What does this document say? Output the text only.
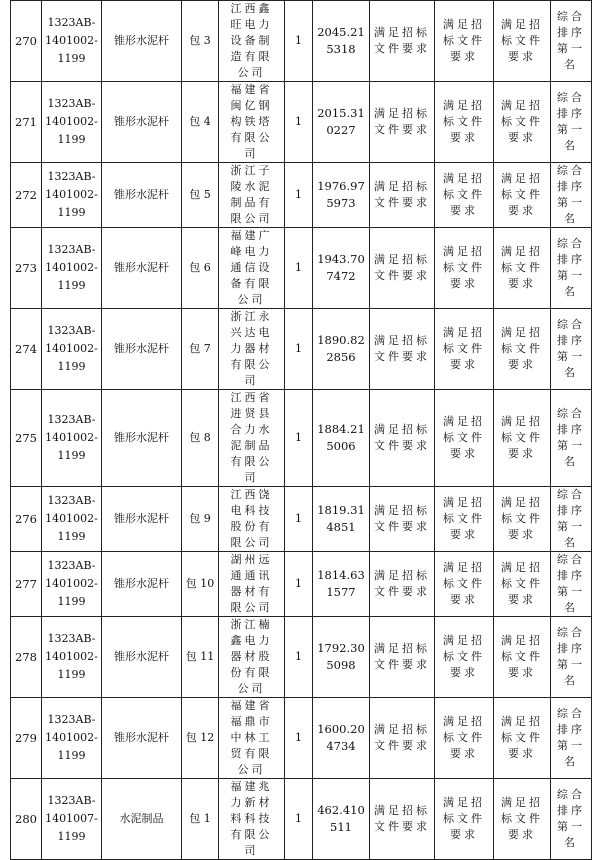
270	1323AB-1401002-1199	锥形水泥杆	包 3	江西鑫旺电力设备制造有限公司	1	2045.215318	满足招标文件要求	满足招标文件要求	满足招标文件要求	综合排序第一名

271	1323AB-1401002-1199	锥形水泥杆	包 4	福建省闽亿钢构铁塔有限公司	1	2015.310227	满足招标文件要求	满足招标文件要求	满足招标文件要求	综合排序第一名

272	1323AB-1401002-1199	锥形水泥杆	包 5	浙江子陵水泥制品有限公司	1	1976.975973	满足招标文件要求	满足招标文件要求	满足招标文件要求	综合排序第一名

273	1323AB-1401002-1199	锥形水泥杆	包 6	福建广峰电力通信设备有限公司	1	1943.707472	满足招标文件要求	满足招标文件要求	满足招标文件要求	综合排序第一名

274	1323AB-1401002-1199	锥形水泥杆	包 7	浙江永兴达电力器材有限公司	1	1890.822856	满足招标文件要求	满足招标文件要求	满足招标文件要求	综合排序第一名

275	1323AB-1401002-1199	锥形水泥杆	包 8	江西省进贤县合力水泥制品有限公司	1	1884.215006	满足招标文件要求	满足招标文件要求	满足招标文件要求	综合排序第一名

276	1323AB-1401002-1199	锥形水泥杆	包 9	江西饶电科技股份有限公司	1	1819.314851	满足招标文件要求	满足招标文件要求	满足招标文件要求	综合排序第一名

277	1323AB-1401002-1199	锥形水泥杆	包 10	湖州远通通讯器材有限公司	1	1814.631577	满足招标文件要求	满足招标文件要求	满足招标文件要求	综合排序第一名

278	1323AB-1401002-1199	锥形水泥杆	包 11	浙江楠鑫电力器材股份有限公司	1	1792.305098	满足招标文件要求	满足招标文件要求	满足招标文件要求	综合排序第一名

279	1323AB-1401002-1199	锥形水泥杆	包 12	福建省福鼎市中林工贸有限公司	1	1600.204734	满足招标文件要求	满足招标文件要求	满足招标文件要求	综合排序第一名

280	1323AB-1401007-1199	水泥制品	包 1	福建兆力新材料科技有限公司	1	462.410511	满足招标文件要求	满足招标文件要求	满足招标文件要求	综合排序第一名
